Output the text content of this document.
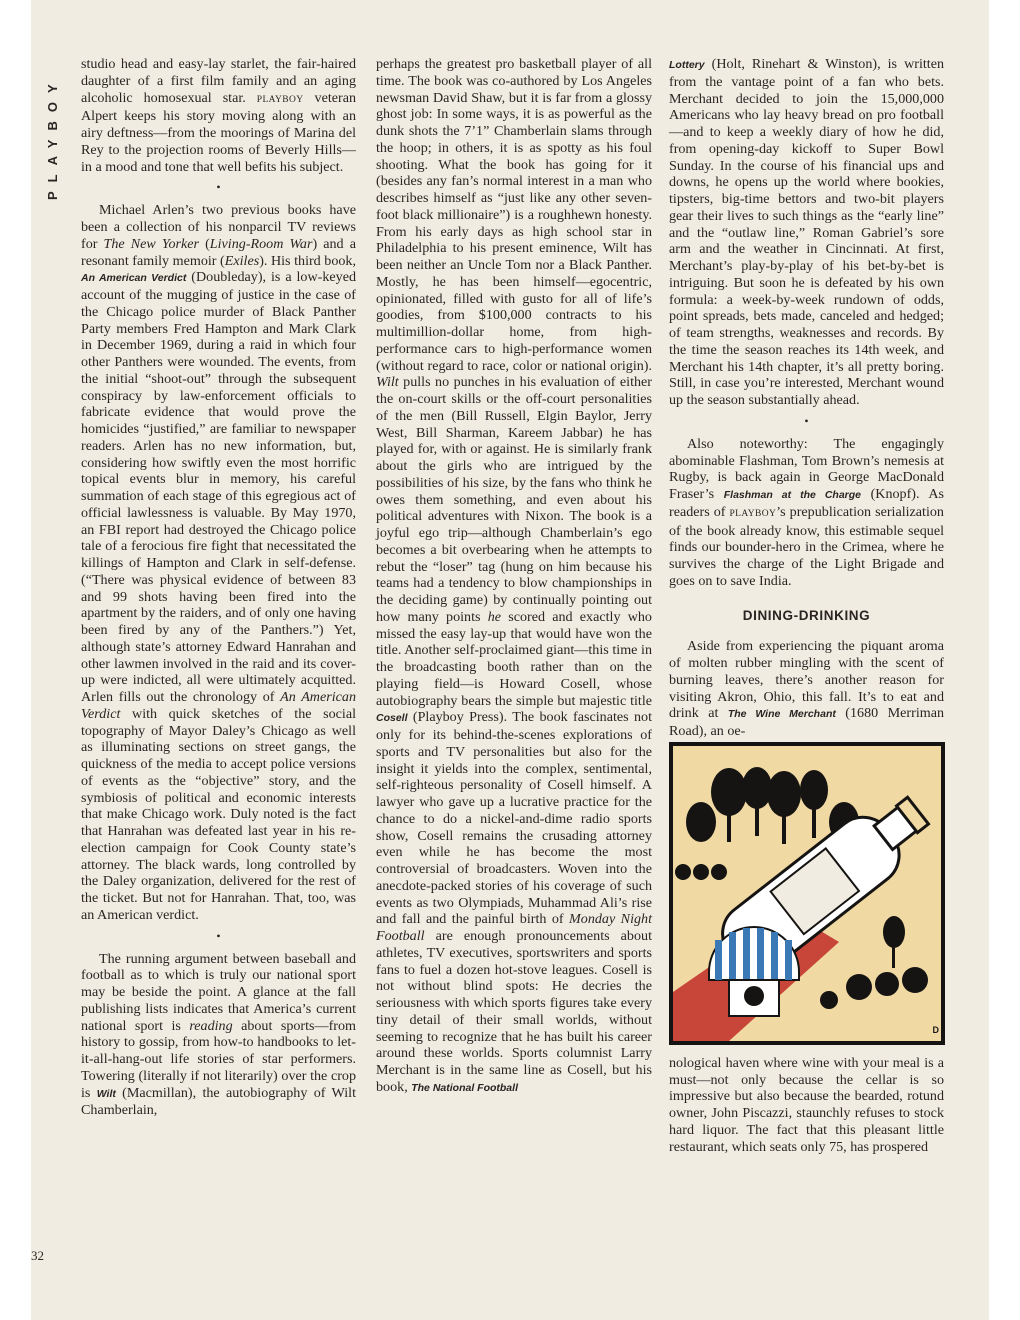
PLAYBOY
32

studio head and easy-lay starlet, the fair-haired daughter of a first film family and an aging alcoholic homosexual star. PLAYBOY veteran Alpert keeps his story moving along with an airy deftness—from the moorings of Marina del Rey to the projection rooms of Beverly Hills—in a mood and tone that well befits his subject.

•

Michael Arlen’s two previous books have been a collection of his nonparcil TV reviews for The New Yorker (Living-Room War) and a resonant family memoir (Exiles). His third book, An American Verdict (Doubleday), is a low-keyed account of the mugging of justice in the case of the Chicago police murder of Black Panther Party members Fred Hampton and Mark Clark in December 1969, during a raid in which four other Panthers were wounded. The events, from the initial “shoot-out” through the subsequent conspiracy by law-enforcement officials to fabricate evidence that would prove the homicides “justified,” are familiar to newspaper readers. Arlen has no new information, but, considering how swiftly even the most horrific topical events blur in memory, his careful summation of each stage of this egregious act of official lawlessness is valuable. By May 1970, an FBI report had destroyed the Chicago police tale of a ferocious fire fight that necessitated the killings of Hampton and Clark in self-defense. (“There was physical evidence of between 83 and 99 shots having been fired into the apartment by the raiders, and of only one having been fired by any of the Panthers.”) Yet, although state’s attorney Edward Hanrahan and other lawmen involved in the raid and its cover-up were indicted, all were ultimately acquitted. Arlen fills out the chronology of An American Verdict with quick sketches of the social topography of Mayor Daley’s Chicago as well as illuminating sections on street gangs, the quickness of the media to accept police versions of events as the “objective” story, and the symbiosis of political and economic interests that make Chicago work. Duly noted is the fact that Hanrahan was defeated last year in his re-election campaign for Cook County state’s attorney. The black wards, long controlled by the Daley organization, delivered for the rest of the ticket. But not for Hanrahan. That, too, was an American verdict.

•

The running argument between baseball and football as to which is truly our national sport may be beside the point. A glance at the fall publishing lists indicates that America’s current national sport is reading about sports—from history to gossip, from how-to handbooks to let-it-all-hang-out life stories of star performers. Towering (literally if not literarily) over the crop is Wilt (Macmillan), the autobiography of Wilt Chamberlain,

perhaps the greatest pro basketball player of all time. The book was co-authored by Los Angeles newsman David Shaw, but it is far from a glossy ghost job: In some ways, it is as powerful as the dunk shots the 7’1” Chamberlain slams through the hoop; in others, it is as spotty as his foul shooting. What the book has going for it (besides any fan’s normal interest in a man who describes himself as “just like any other seven-foot black millionaire”) is a roughhewn honesty. From his early days as high school star in Philadelphia to his present eminence, Wilt has been neither an Uncle Tom nor a Black Panther. Mostly, he has been himself—egocentric, opinionated, filled with gusto for all of life’s goodies, from $100,000 contracts to his multimillion-dollar home, from high-performance cars to high-performance women (without regard to race, color or national origin). Wilt pulls no punches in his evaluation of either the on-court skills or the off-court personalities of the men (Bill Russell, Elgin Baylor, Jerry West, Bill Sharman, Kareem Jabbar) he has played for, with or against. He is similarly frank about the girls who are intrigued by the possibilities of his size, by the fans who think he owes them something, and even about his political adventures with Nixon. The book is a joyful ego trip—although Chamberlain’s ego becomes a bit overbearing when he attempts to rebut the “loser” tag (hung on him because his teams had a tendency to blow championships in the deciding game) by continually pointing out how many points he scored and exactly who missed the easy lay-up that would have won the title. Another self-proclaimed giant—this time in the broadcasting booth rather than on the playing field—is Howard Cosell, whose autobiography bears the simple but majestic title Cosell (Playboy Press). The book fascinates not only for its behind-the-scenes explorations of sports and TV personalities but also for the insight it yields into the complex, sentimental, self-righteous personality of Cosell himself. A lawyer who gave up a lucrative practice for the chance to do a nickel-and-dime radio sports show, Cosell remains the crusading attorney even while he has become the most controversial of broadcasters. Woven into the anecdote-packed stories of his coverage of such events as two Olympiads, Muhammad Ali’s rise and fall and the painful birth of Monday Night Football are enough pronouncements about athletes, TV executives, sportswriters and sports fans to fuel a dozen hot-stove leagues. Cosell is not without blind spots: He decries the seriousness with which sports figures take every tiny detail of their small worlds, without seeming to recognize that he has built his career around these worlds. Sports columnist Larry Merchant is in the same line as Cosell, but his book, The National Football

Lottery (Holt, Rinehart & Winston), is written from the vantage point of a fan who bets. Merchant decided to join the 15,000,000 Americans who lay heavy bread on pro football—and to keep a weekly diary of how he did, from opening-day kickoff to Super Bowl Sunday. In the course of his financial ups and downs, he opens up the world where bookies, tipsters, big-time bettors and two-bit players gear their lives to such things as the “early line” and the “outlaw line,” Roman Gabriel’s sore arm and the weather in Cincinnati. At first, Merchant’s play-by-play of his bet-by-bet is intriguing. But soon he is defeated by his own formula: a week-by-week rundown of odds, point spreads, bets made, canceled and hedged; of team strengths, weaknesses and records. By the time the season reaches its 14th week, and Merchant his 14th chapter, it’s all pretty boring. Still, in case you’re interested, Merchant wound up the season substantially ahead.

•

Also noteworthy: The engagingly abominable Flashman, Tom Brown’s nemesis at Rugby, is back again in George MacDonald Fraser’s Flashman at the Charge (Knopf). As readers of PLAYBOY’s prepublication serialization of the book already know, this estimable sequel finds our bounder-hero in the Crimea, where he survives the charge of the Light Brigade and goes on to save India.

DINING-DRINKING

Aside from experiencing the piquant aroma of molten rubber mingling with the scent of burning leaves, there’s another reason for visiting Akron, Ohio, this fall. It’s to eat and drink at The Wine Merchant (1680 Merriman Road), an oe-

D

nological haven where wine with your meal is a must—not only because the cellar is so impressive but also because the bearded, rotund owner, John Piscazzi, staunchly refuses to stock hard liquor. The fact that this pleasant little restaurant, which seats only 75, has prospered
